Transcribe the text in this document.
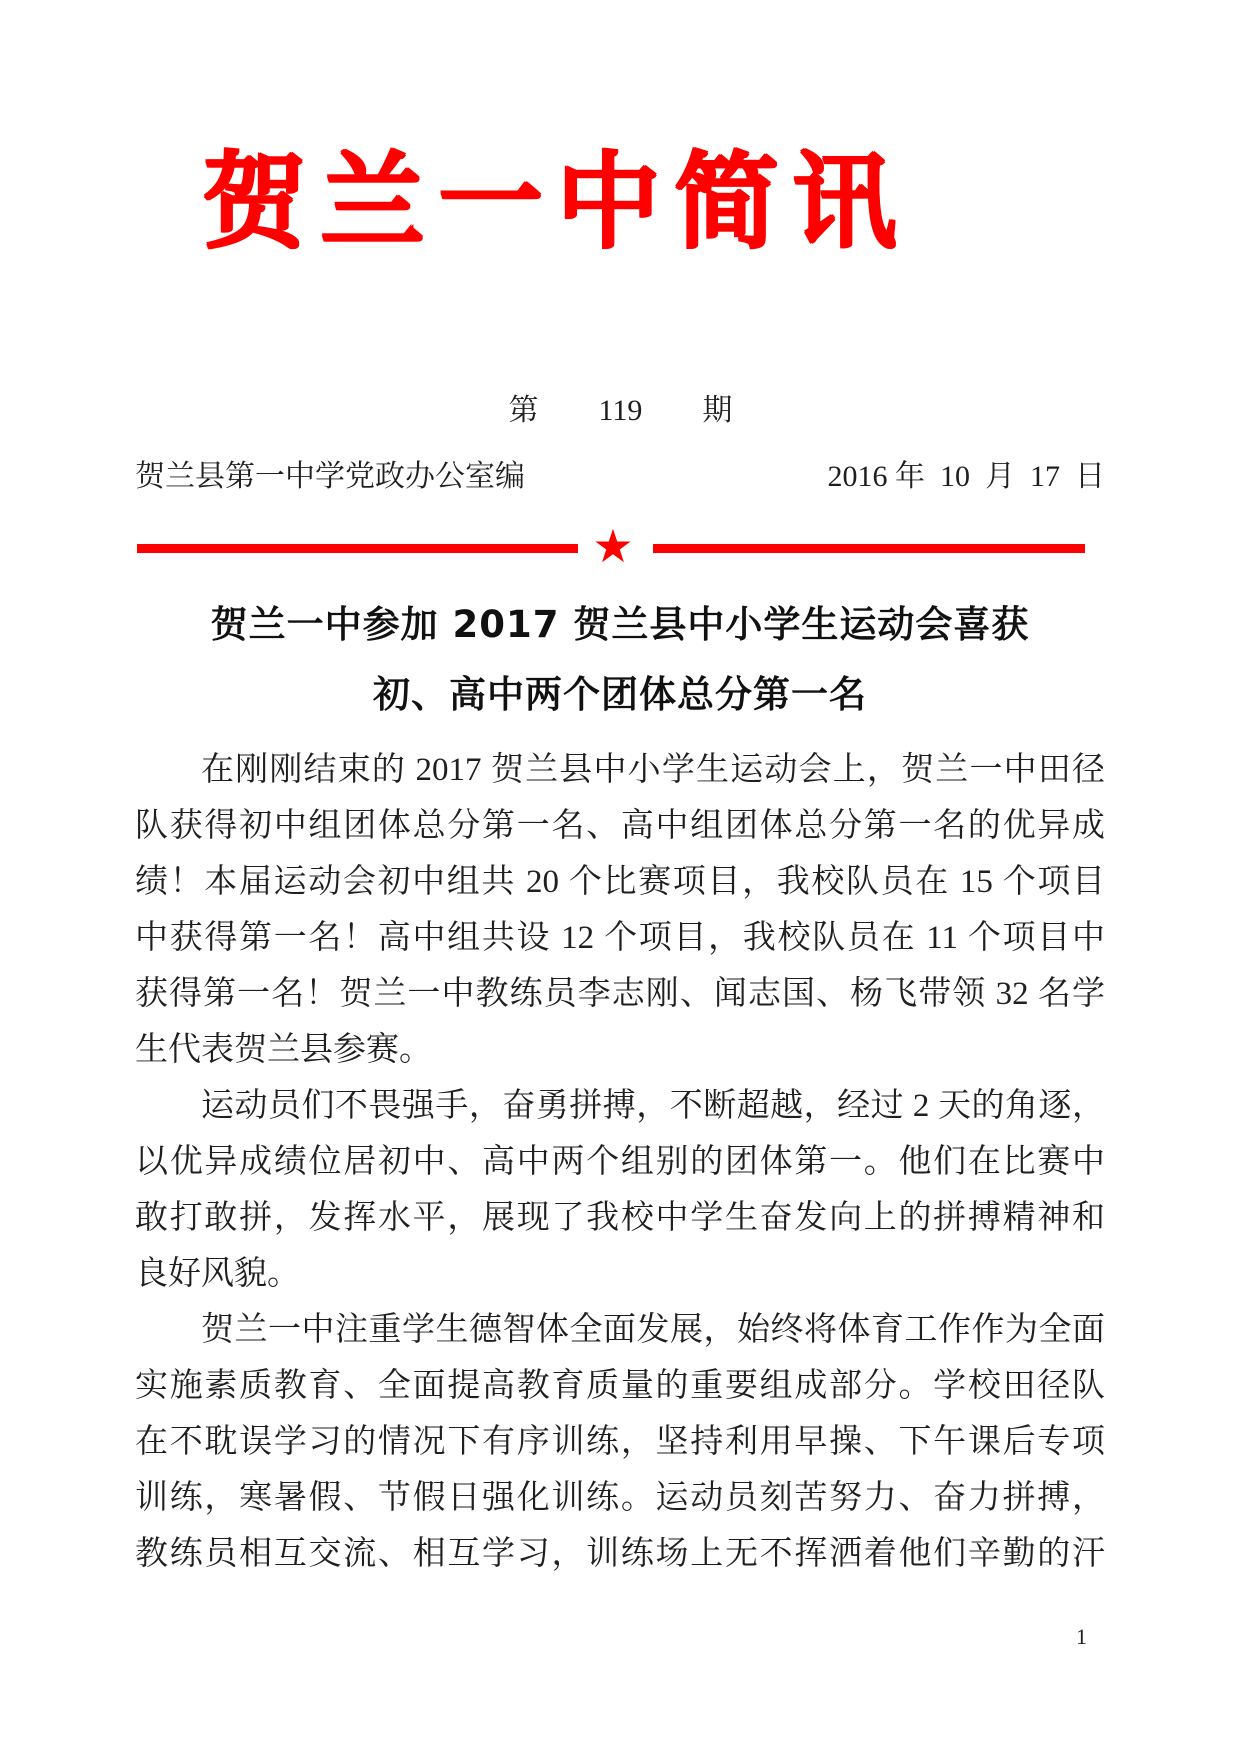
贺兰一中简讯
第　　119　　期
贺兰县第一中学党政办公室编	2016 年  10  月  17  日
★
贺兰一中参加 2017 贺兰县中小学生运动会喜获
初、高中两个团体总分第一名
在刚刚结束的 2017 贺兰县中小学生运动会上，贺兰一中田径
队获得初中组团体总分第一名、高中组团体总分第一名的优异成
绩！本届运动会初中组共 20 个比赛项目，我校队员在 15 个项目
中获得第一名！高中组共设 12 个项目，我校队员在 11 个项目中
获得第一名！贺兰一中教练员李志刚、闻志国、杨飞带领 32 名学
生代表贺兰县参赛。
运动员们不畏强手，奋勇拼搏，不断超越，经过 2 天的角逐，
以优异成绩位居初中、高中两个组别的团体第一。他们在比赛中
敢打敢拼，发挥水平，展现了我校中学生奋发向上的拼搏精神和
良好风貌。
贺兰一中注重学生德智体全面发展，始终将体育工作作为全面
实施素质教育、全面提高教育质量的重要组成部分。学校田径队
在不耽误学习的情况下有序训练，坚持利用早操、下午课后专项
训练，寒暑假、节假日强化训练。运动员刻苦努力、奋力拼搏，
教练员相互交流、相互学习，训练场上无不挥洒着他们辛勤的汗
1
